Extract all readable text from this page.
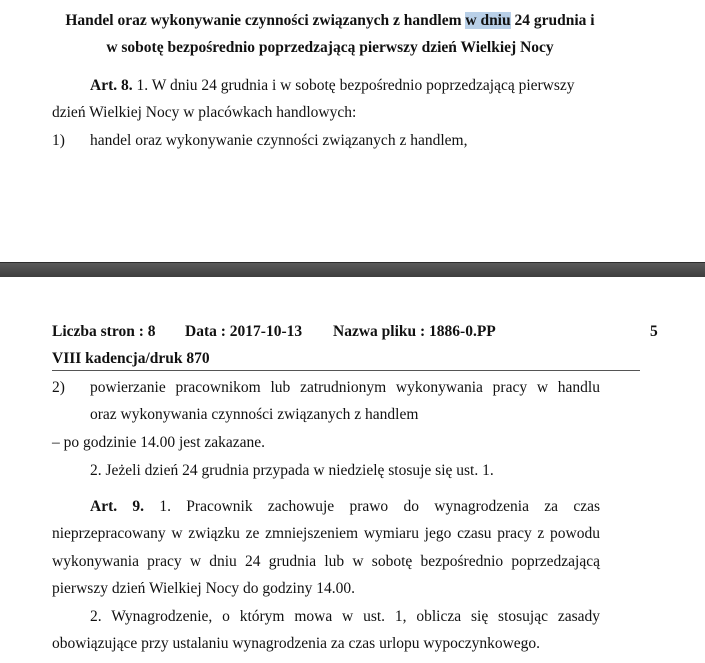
Handel oraz wykonywanie czynności związanych z handlem w dniu 24 grudnia i
w sobotę bezpośrednio poprzedzającą pierwszy dzień Wielkiej Nocy
Art. 8. 1. W dniu 24 grudnia i w sobotę bezpośrednio poprzedzającą pierwszy
dzień Wielkiej Nocy w placówkach handlowych:
1) handel oraz wykonywanie czynności związanych z handlem,
Liczba stron : 8 Data : 2017-10-13 Nazwa pliku : 1886-0.PP	5
VIII kadencja/druk 870
2) powierzanie pracownikom lub zatrudnionym wykonywania pracy w handlu
oraz wykonywania czynności związanych z handlem
– po godzinie 14.00 jest zakazane.
2. Jeżeli dzień 24 grudnia przypada w niedzielę stosuje się ust. 1.
Art. 9. 1. Pracownik zachowuje prawo do wynagrodzenia za czas
nieprzepracowany w związku ze zmniejszeniem wymiaru jego czasu pracy z powodu
wykonywania pracy w dniu 24 grudnia lub w sobotę bezpośrednio poprzedzającą
pierwszy dzień Wielkiej Nocy do godziny 14.00.
2. Wynagrodzenie, o którym mowa w ust. 1, oblicza się stosując zasady
obowiązujące przy ustalaniu wynagrodzenia za czas urlopu wypoczynkowego.
